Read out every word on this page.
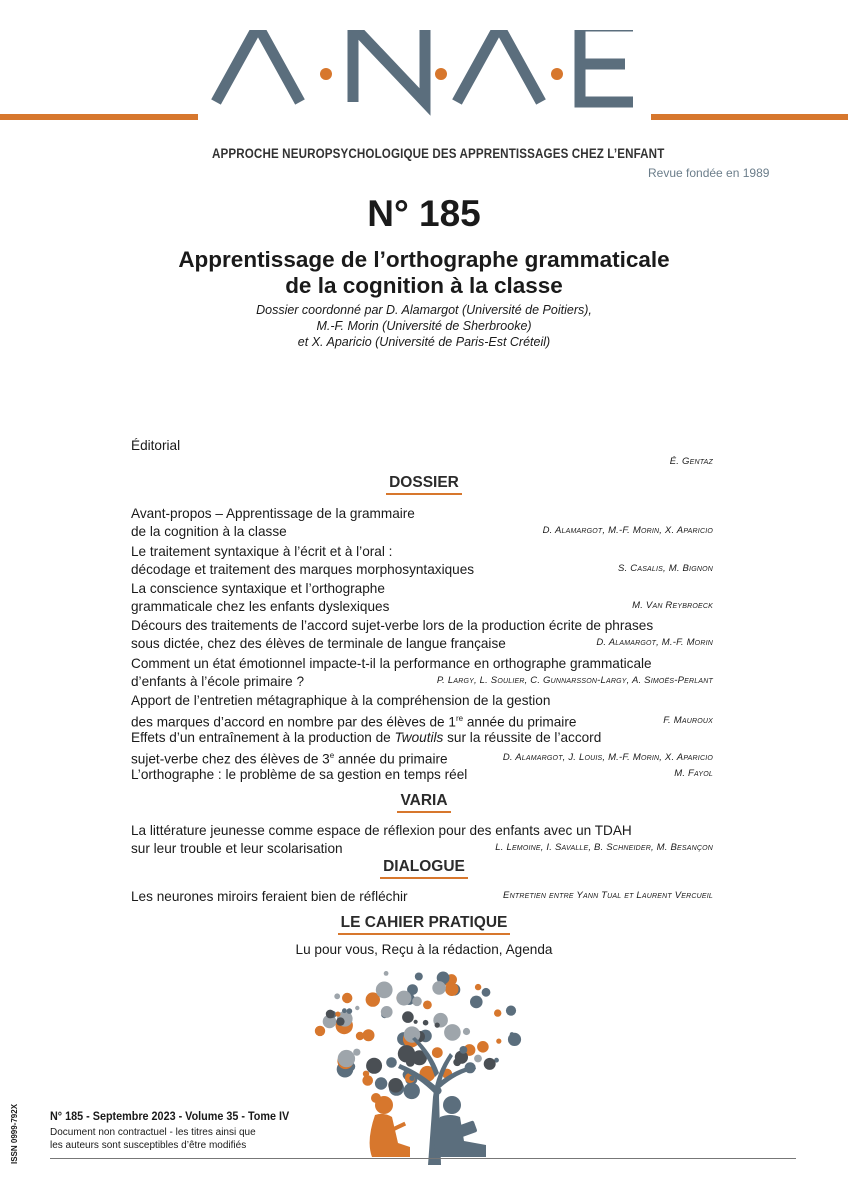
APPROCHE NEUROPSYCHOLOGIQUE DES APPRENTISSAGES CHEZ L’ENFANT
Revue fondée en 1989
N° 185
Apprentissage de l’orthographe grammaticale
de la cognition à la classe
Dossier coordonné par D. Alamargot (Université de Poitiers),
M.-F. Morin (Université de Sherbrooke)
et X. Aparicio (Université de Paris-Est Créteil)
Éditorial
É. Gentaz
DOSSIER
Avant-propos – Apprentissage de la grammaire
de la cognition à la classe	D. Alamargot, M.-F. Morin, X. Aparicio
Le traitement syntaxique à l’écrit et à l’oral :
décodage et traitement des marques morphosyntaxiques	S. Casalis, M. Bignon
La conscience syntaxique et l’orthographe
grammaticale chez les enfants dyslexiques	M. Van Reybroeck
Décours des traitements de l’accord sujet-verbe lors de la production écrite de phrases
sous dictée, chez des élèves de terminale de langue française	D. Alamargot, M.-F. Morin
Comment un état émotionnel impacte-t-il la performance en orthographe grammaticale
d’enfants à l’école primaire ?	P. Largy, L. Soulier, C. Gunnarsson-Largy, A. Simoës-Perlant
Apport de l’entretien métagraphique à la compréhension de la gestion
des marques d’accord en nombre par des élèves de 1re année du primaire	F. Mauroux
Effets d’un entraînement à la production de Twoutils sur la réussite de l’accord
sujet-verbe chez des élèves de 3e année du primaire	D. Alamargot, J. Louis, M.-F. Morin, X. Aparicio
L’orthographe : le problème de sa gestion en temps réel	M. Fayol
VARIA
La littérature jeunesse comme espace de réflexion pour des enfants avec un TDAH
sur leur trouble et leur scolarisation	L. Lemoine, I. Savalle, B. Schneider, M. Besançon
DIALOGUE
Les neurones miroirs feraient bien de réfléchir	Entretien entre Yann Tual et Laurent Vercueil
LE CAHIER PRATIQUE
Lu pour vous, Reçu à la rédaction, Agenda
ISSN 0999-792X	N° 185 - Septembre 2023 - Volume 35 - Tome IV
Document non contractuel - les titres ainsi que
les auteurs sont susceptibles d’être modifiés
